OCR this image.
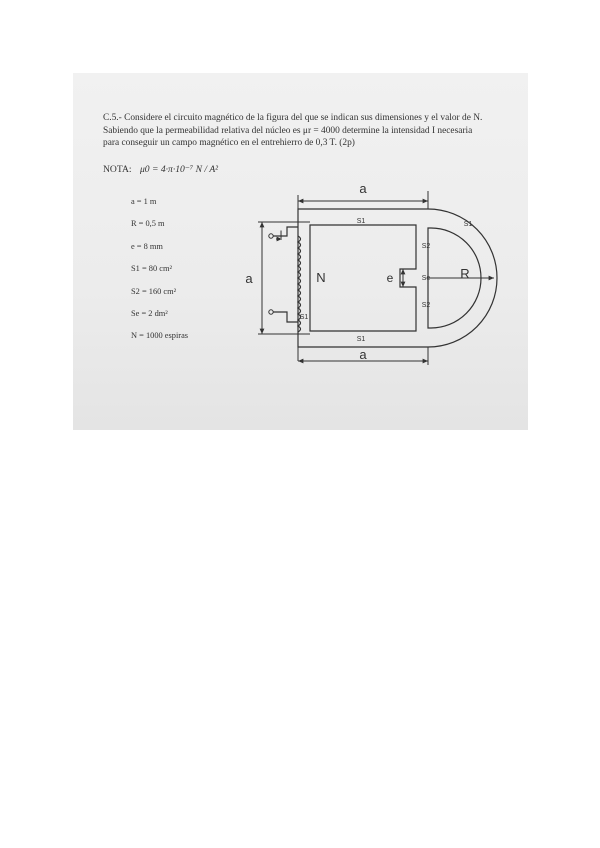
C.5.- Considere el circuito magnético de la figura del que se indican sus dimensiones y el valor de N.

Sabiendo que la permeabilidad relativa del núcleo es μr = 4000 determine la intensidad I necesaria

para conseguir un campo magnético en el entrehierro de 0,3 T. (2p)

NOTA: μ0 = 4·π·10⁻⁷ N / A²
a = 1 m
R = 0,5 m
e = 8 mm
S1 = 80 cm²
S2 = 160 cm²
Se = 2 dm²
N = 1000 espiras
a
a
a
S1	S1
S1
S1
S2
S2
Se
N	e	R
I
